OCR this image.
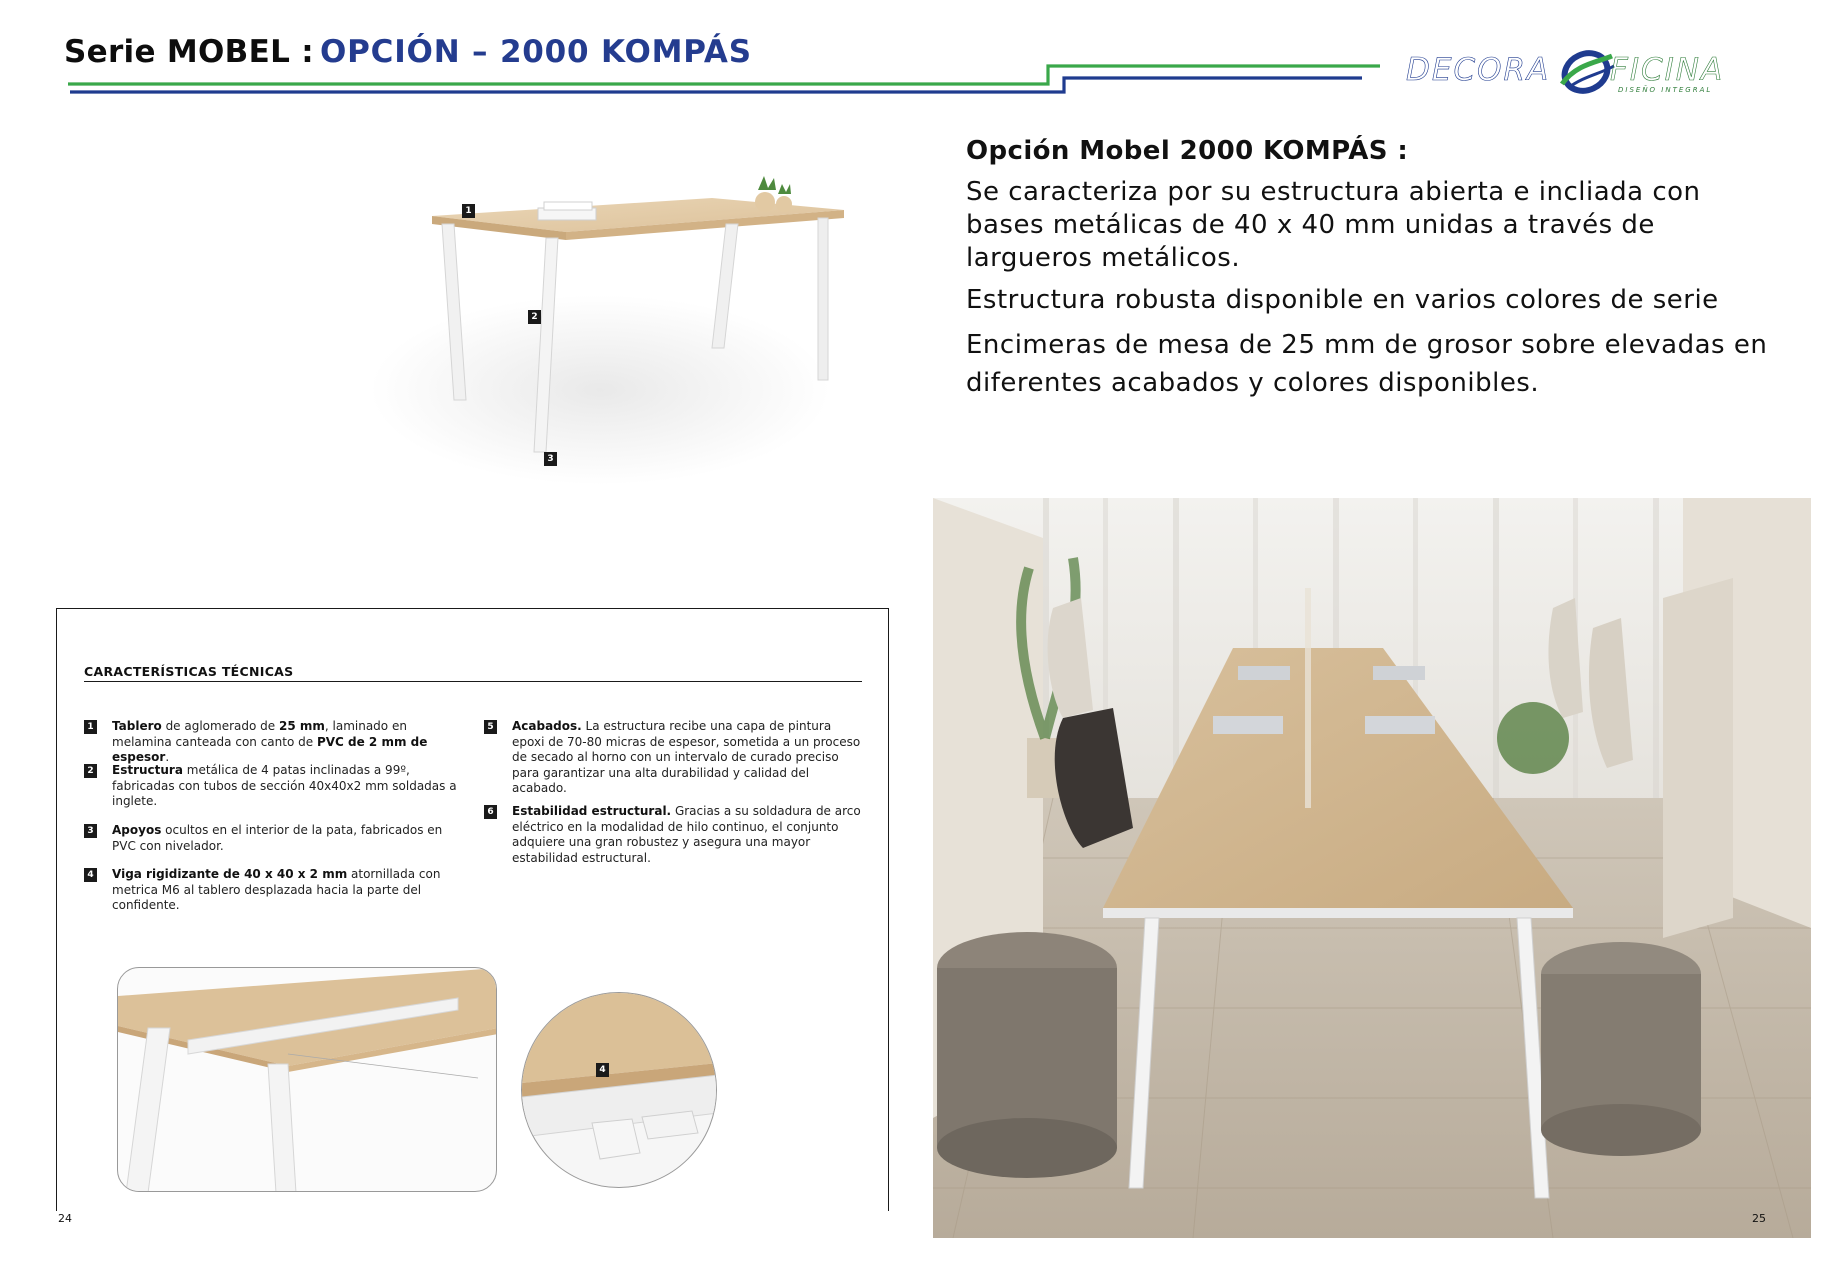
Serie MOBEL : OPCIÓN – 2000 KOMPÁS	DECORA FICINA
DISEÑO INTEGRAL
1
2
3
Opción Mobel 2000 KOMPÁS :

Se caracteriza por su estructura abierta e incliada con bases metálicas de 40 x 40 mm unidas a través de largueros metálicos.

Estructura robusta disponible en varios colores de serie

Encimeras de mesa de 25 mm de grosor sobre elevadas en diferentes acabados y colores disponibles.

CARACTERÍSTICAS TÉCNICAS
1 Tablero de aglomerado de 25 mm, laminado en melamina canteada con canto de PVC de 2 mm de espesor.
2 Estructura metálica de 4 patas inclinadas a 99º, fabricadas con tubos de sección 40x40x2 mm soldadas a inglete.
3 Apoyos ocultos en el interior de la pata, fabricados en PVC con nivelador.
4 Viga rigidizante de 40 x 40 x 2 mm atornillada con metrica M6 al tablero desplazada hacia la parte del confidente.
5 Acabados. La estructura recibe una capa de pintura epoxi de 70-80 micras de espesor, sometida a un proceso de secado al horno con un intervalo de curado preciso para garantizar una alta durabilidad y calidad del acabado.
6 Estabilidad estructural. Gracias a su soldadura de arco eléctrico en la modalidad de hilo continuo, el conjunto adquiere una gran robustez y asegura una mayor estabilidad estructural.
4
24	25
